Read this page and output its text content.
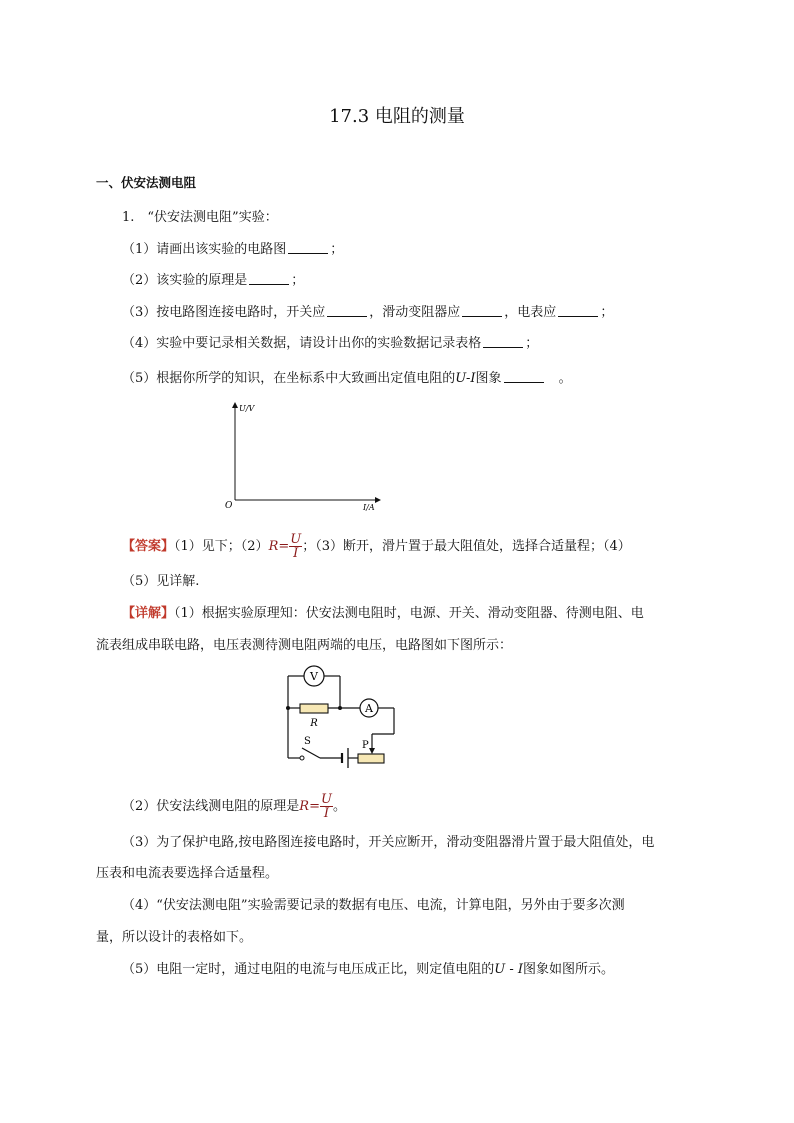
17.3 电阻的测量
一、伏安法测电阻
1.　“伏安法测电阻”实验：
（1）请画出该实验的电路图	；
（2）该实验的原理是	；
（3）按电路图连接电路时，开关应	，滑动变阻器应	，电表应	；
（4）实验中要记录相关数据，请设计出你的实验数据记录表格	；
（5）根据你所学的知识，在坐标系中大致画出定值电阻的U-I图象	　。
U/V
I/A
O
【答案】（1）见下；$(2)R= \frac{U}{I}$ ；（3）断开，滑片置于最大阻值处，选择合适量程；（4）
（5）见详解.
【详解】（1）根据实验原理知：伏安法测电阻时，电源、开关、滑动变阻器、待测电阻、电
流表组成串联电路，电压表测待测电阻两端的电压，电路图如下图所示：
V
R
A
P
S
（2）伏安法线测电阻的原理是$R= \frac{U}{I}$ 。
（3）为了保护电路,按电路图连接电路时，开关应断开，滑动变阻器滑片置于最大阻值处，电
压表和电流表要选择合适量程。
（4）“伏安法测电阻”实验需要记录的数据有电压、电流，计算电阻，另外由于要多次测
量，所以设计的表格如下。
（5）电阻一定时，通过电阻的电流与电压成正比，则定值电阻的U - I图象如图所示。
